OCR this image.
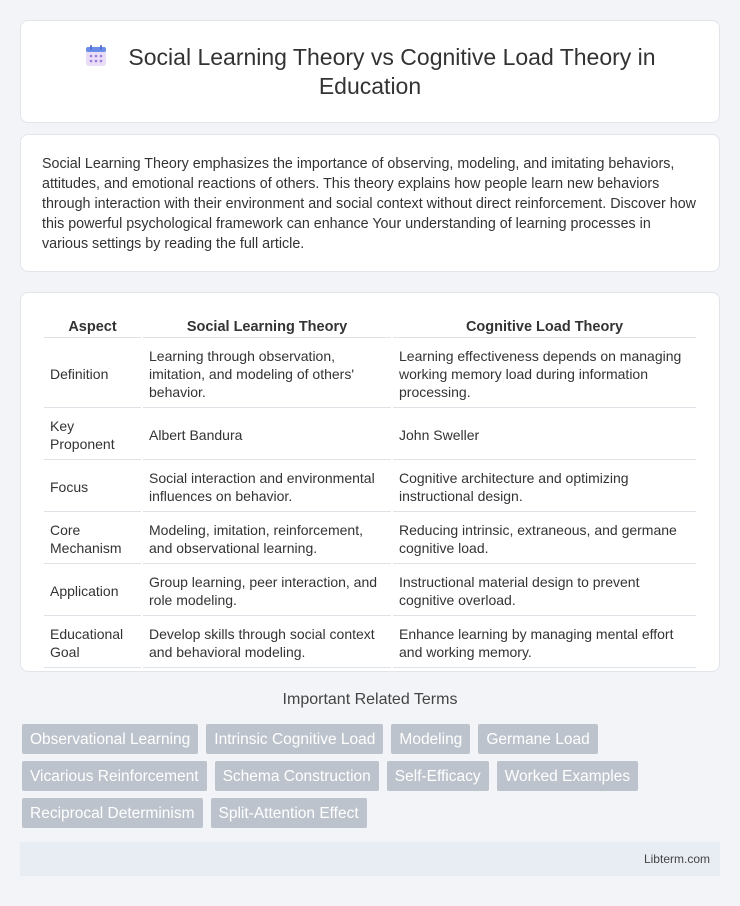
Social Learning Theory vs Cognitive Load Theory in Education

Social Learning Theory emphasizes the importance of observing, modeling, and imitating behaviors, attitudes, and emotional reactions of others. This theory explains how people learn new behaviors through interaction with their environment and social context without direct reinforcement. Discover how this powerful psychological framework can enhance Your understanding of learning processes in various settings by reading the full article.

Aspect	Social Learning Theory	Cognitive Load Theory
Definition	Learning through observation, imitation, and modeling of others' behavior.	Learning effectiveness depends on managing working memory load during information processing.
Key Proponent	Albert Bandura	John Sweller
Focus	Social interaction and environmental influences on behavior.	Cognitive architecture and optimizing instructional design.
Core Mechanism	Modeling, imitation, reinforcement, and observational learning.	Reducing intrinsic, extraneous, and germane cognitive load.
Application	Group learning, peer interaction, and role modeling.	Instructional material design to prevent cognitive overload.
Educational Goal	Develop skills through social context and behavioral modeling.	Enhance learning by managing mental effort and working memory.
Important Related Terms
Observational Learning	Intrinsic Cognitive Load	Modeling	Germane Load
Vicarious Reinforcement	Schema Construction	Self-Efficacy	Worked Examples
Reciprocal Determinism	Split-Attention Effect
Libterm.com
